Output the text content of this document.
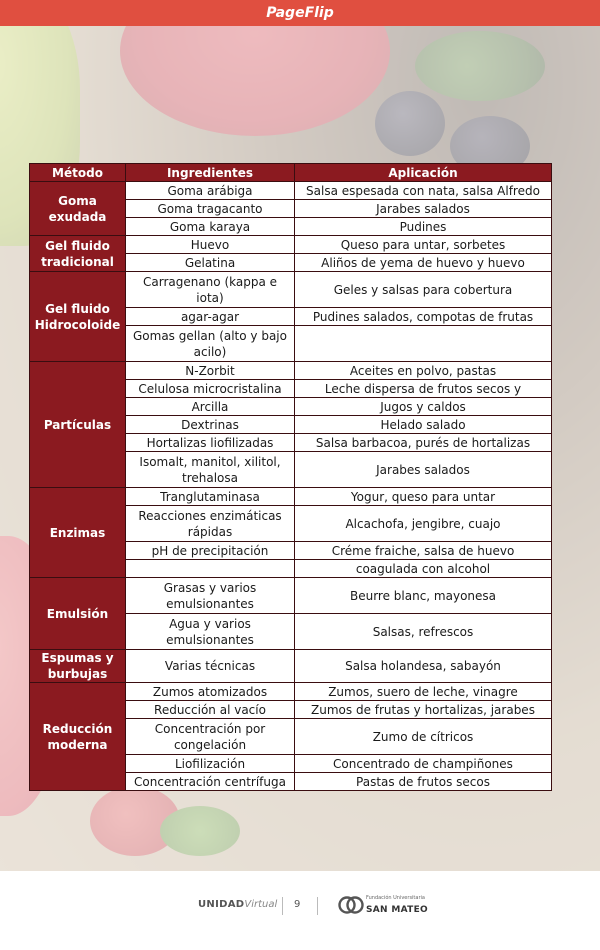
PageFlip
Método	Ingredientes	Aplicación
Goma exudada	Goma arábiga	Salsa espesada con nata, salsa Alfredo
	Goma tragacanto	Jarabes salados
	Goma karaya	Pudines
Gel fluido tradicional	Huevo	Queso para untar, sorbetes
	Gelatina	Aliños de yema de huevo y huevo
Gel fluido Hidrocoloide	Carragenano (kappa e iota)	Geles y salsas para cobertura
	agar-agar	Pudines salados, compotas de frutas
	Gomas gellan (alto y bajo acilo)	
Partículas	N-Zorbit	Aceites en polvo, pastas
	Celulosa microcristalina	Leche dispersa de frutos secos y
	Arcilla	Jugos y caldos
	Dextrinas	Helado salado
	Hortalizas liofilizadas	Salsa barbacoa, purés de hortalizas
	Isomalt, manitol, xilitol, trehalosa	Jarabes salados
Enzimas	Tranglutaminasa	Yogur, queso para untar
	Reacciones enzimáticas rápidas	Alcachofa, jengibre, cuajo
	pH de precipitación	Créme fraiche, salsa de huevo
		coagulada con alcohol
Emulsión	Grasas y varios emulsionantes	Beurre blanc, mayonesa
	Agua y varios emulsionantes	Salsas, refrescos
Espumas y burbujas	Varias técnicas	Salsa holandesa, sabayón
Reducción moderna	Zumos atomizados	Zumos, suero de leche, vinagre
	Reducción al vacío	Zumos de frutas y hortalizas, jarabes
	Concentración por congelación	Zumo de cítricos
	Liofilización	Concentrado de champiñones
	Concentración centrífuga	Pastas de frutos secos
UNIDADVirtual 9
Fundación Universitaria
SAN MATEO
